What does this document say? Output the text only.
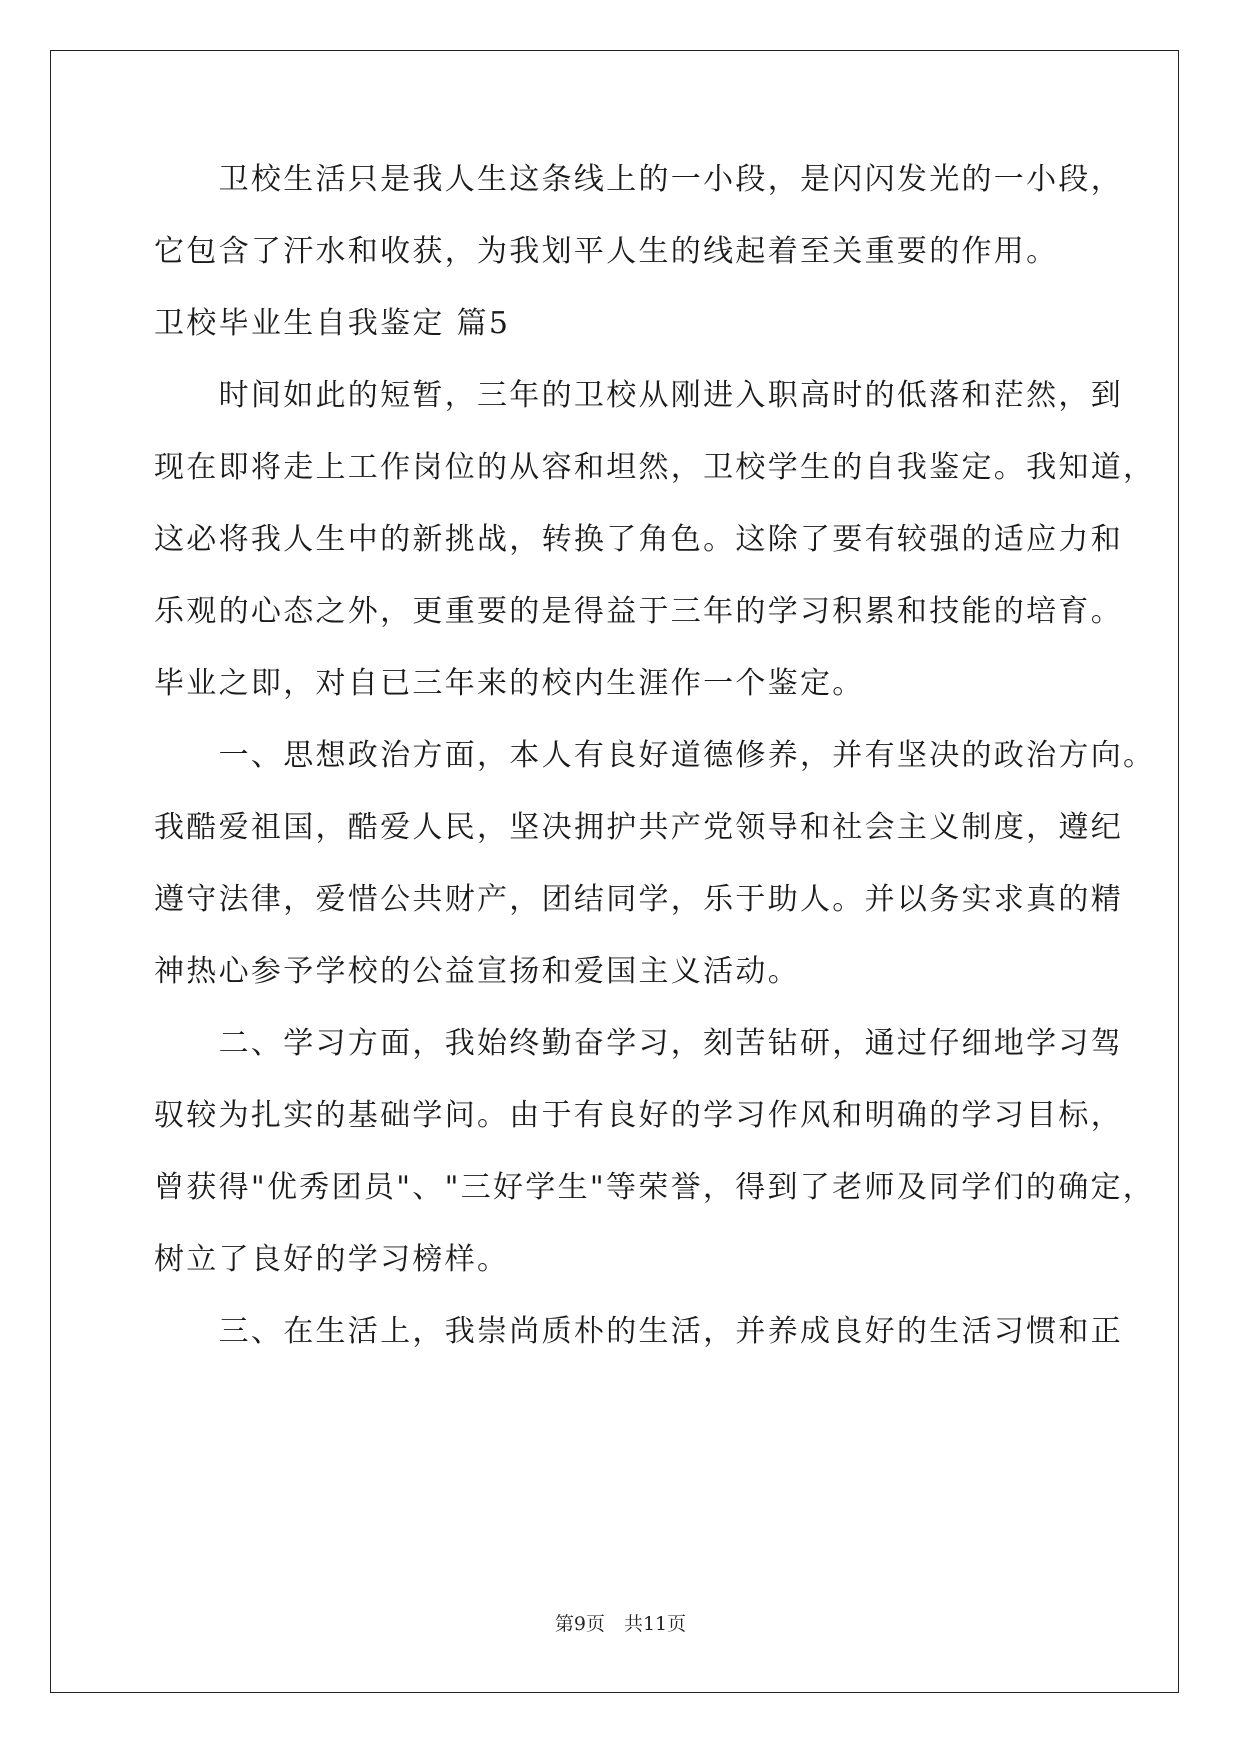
　　卫校生活只是我人生这条线上的一小段，是闪闪发光的一小段，
它包含了汗水和收获，为我划平人生的线起着至关重要的作用。
卫校毕业生自我鉴定 篇5
　　时间如此的短暂，三年的卫校从刚进入职高时的低落和茫然，到
现在即将走上工作岗位的从容和坦然，卫校学生的自我鉴定。我知道，
这必将我人生中的新挑战，转换了角色。这除了要有较强的适应力和
乐观的心态之外，更重要的是得益于三年的学习积累和技能的培育。
毕业之即，对自已三年来的校内生涯作一个鉴定。
　　一、思想政治方面，本人有良好道德修养，并有坚决的政治方向。
我酷爱祖国，酷爱人民，坚决拥护共产党领导和社会主义制度，遵纪
遵守法律，爱惜公共财产，团结同学，乐于助人。并以务实求真的精
神热心参予学校的公益宣扬和爱国主义活动。
　　二、学习方面，我始终勤奋学习，刻苦钻研，通过仔细地学习驾
驭较为扎实的基础学问。由于有良好的学习作风和明确的学习目标，
曾获得"优秀团员"、"三好学生"等荣誉，得到了老师及同学们的确定，
树立了良好的学习榜样。
　　三、在生活上，我崇尚质朴的生活，并养成良好的生活习惯和正
第9页　共11页
